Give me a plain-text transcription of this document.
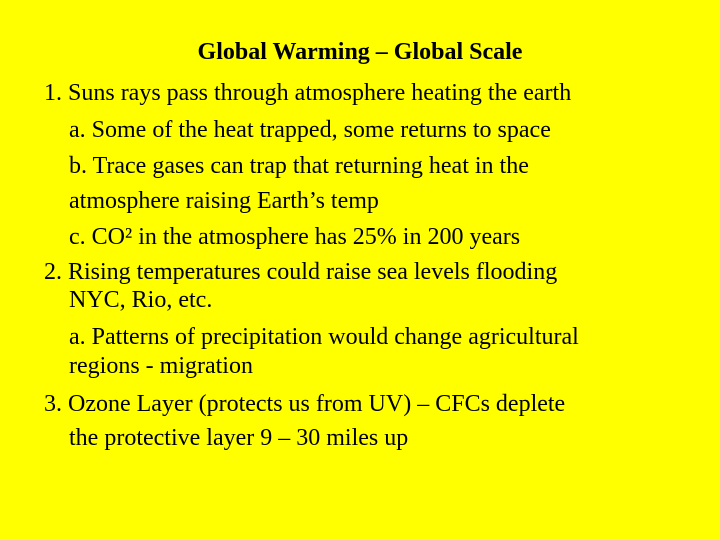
Global Warming – Global Scale
1. Suns rays pass through atmosphere heating the earth
a. Some of the heat trapped, some returns to space
b. Trace gases can trap that returning heat in the
atmosphere raising Earth’s temp
c. CO² in the atmosphere has 25% in 200 years
2. Rising temperatures could raise sea levels flooding
NYC, Rio, etc.
a. Patterns of precipitation would change agricultural
regions - migration
3. Ozone Layer (protects us from UV) – CFCs deplete
the protective layer 9 – 30 miles up
